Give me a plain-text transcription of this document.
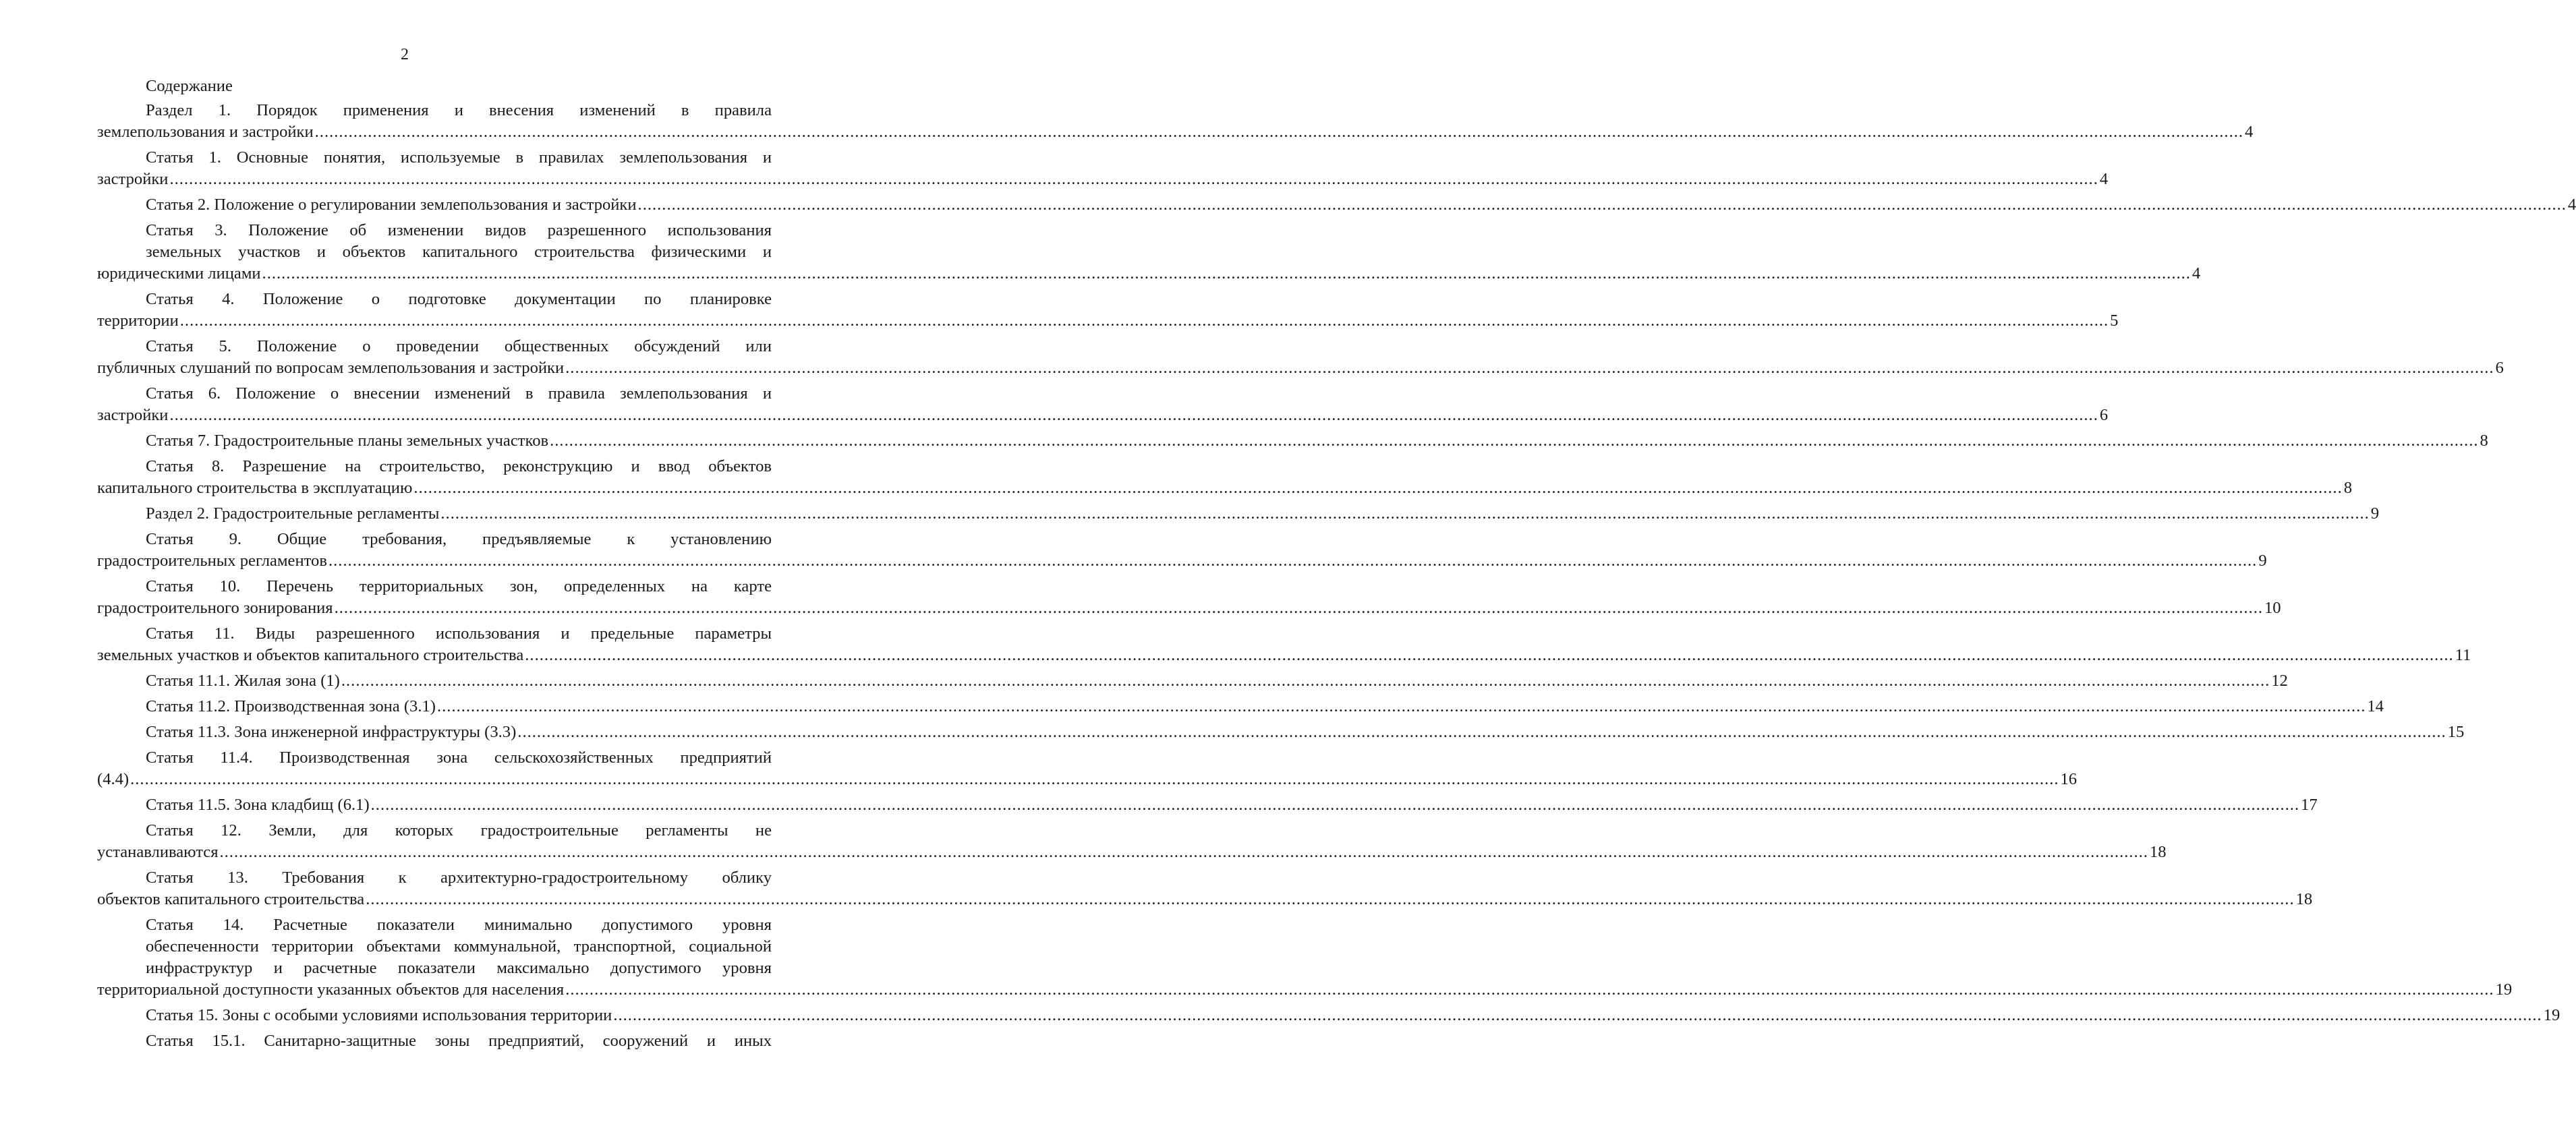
2
Содержание
Раздел 1. Порядок применения и внесения изменений в правила
землепользования и застройки ................................................................................................................................................................................................................................................................................................................................................................................................................ 4
Статья 1. Основные понятия, используемые в правилах землепользования и
застройки ................................................................................................................................................................................................................................................................................................................................................................................................................ 4
Статья 2. Положение о регулировании землепользования и застройки ................................................................................................................................................................................................................................................................................................................................................................................................................ 4
Статья 3. Положение об изменении видов разрешенного использования
земельных участков и объектов капитального строительства физическими и
юридическими лицами ................................................................................................................................................................................................................................................................................................................................................................................................................ 4
Статья 4. Положение о подготовке документации по планировке
территории ................................................................................................................................................................................................................................................................................................................................................................................................................ 5
Статья 5. Положение о проведении общественных обсуждений или
публичных слушаний по вопросам землепользования и застройки ................................................................................................................................................................................................................................................................................................................................................................................................................ 6
Статья 6. Положение о внесении изменений в правила землепользования и
застройки ................................................................................................................................................................................................................................................................................................................................................................................................................ 6
Статья 7. Градостроительные планы земельных участков ................................................................................................................................................................................................................................................................................................................................................................................................................ 8
Статья 8. Разрешение на строительство, реконструкцию и ввод объектов
капитального строительства в эксплуатацию ................................................................................................................................................................................................................................................................................................................................................................................................................ 8
Раздел 2. Градостроительные регламенты ................................................................................................................................................................................................................................................................................................................................................................................................................ 9
Статья 9. Общие требования, предъявляемые к установлению
градостроительных регламентов ................................................................................................................................................................................................................................................................................................................................................................................................................ 9
Статья 10. Перечень территориальных зон, определенных на карте
градостроительного зонирования ................................................................................................................................................................................................................................................................................................................................................................................................................ 10
Статья 11. Виды разрешенного использования и предельные параметры
земельных участков и объектов капитального строительства ................................................................................................................................................................................................................................................................................................................................................................................................................ 11
Статья 11.1. Жилая зона (1) ................................................................................................................................................................................................................................................................................................................................................................................................................ 12
Статья 11.2. Производственная зона (3.1) ................................................................................................................................................................................................................................................................................................................................................................................................................ 14
Статья 11.3. Зона инженерной инфраструктуры (3.3) ................................................................................................................................................................................................................................................................................................................................................................................................................ 15
Статья 11.4. Производственная зона сельскохозяйственных предприятий
(4.4) ................................................................................................................................................................................................................................................................................................................................................................................................................ 16
Статья 11.5. Зона кладбищ (6.1) ................................................................................................................................................................................................................................................................................................................................................................................................................ 17
Статья 12. Земли, для которых градостроительные регламенты не
устанавливаются ................................................................................................................................................................................................................................................................................................................................................................................................................ 18
Статья 13. Требования к архитектурно-градостроительному облику
объектов капитального строительства ................................................................................................................................................................................................................................................................................................................................................................................................................ 18
Статья 14. Расчетные показатели минимально допустимого уровня
обеспеченности территории объектами коммунальной, транспортной, социальной
инфраструктур и расчетные показатели максимально допустимого уровня
территориальной доступности указанных объектов для населения ................................................................................................................................................................................................................................................................................................................................................................................................................ 19
Статья 15. Зоны с особыми условиями использования территории ................................................................................................................................................................................................................................................................................................................................................................................................................ 19
Статья 15.1. Санитарно-защитные зоны предприятий, сооружений и иных
